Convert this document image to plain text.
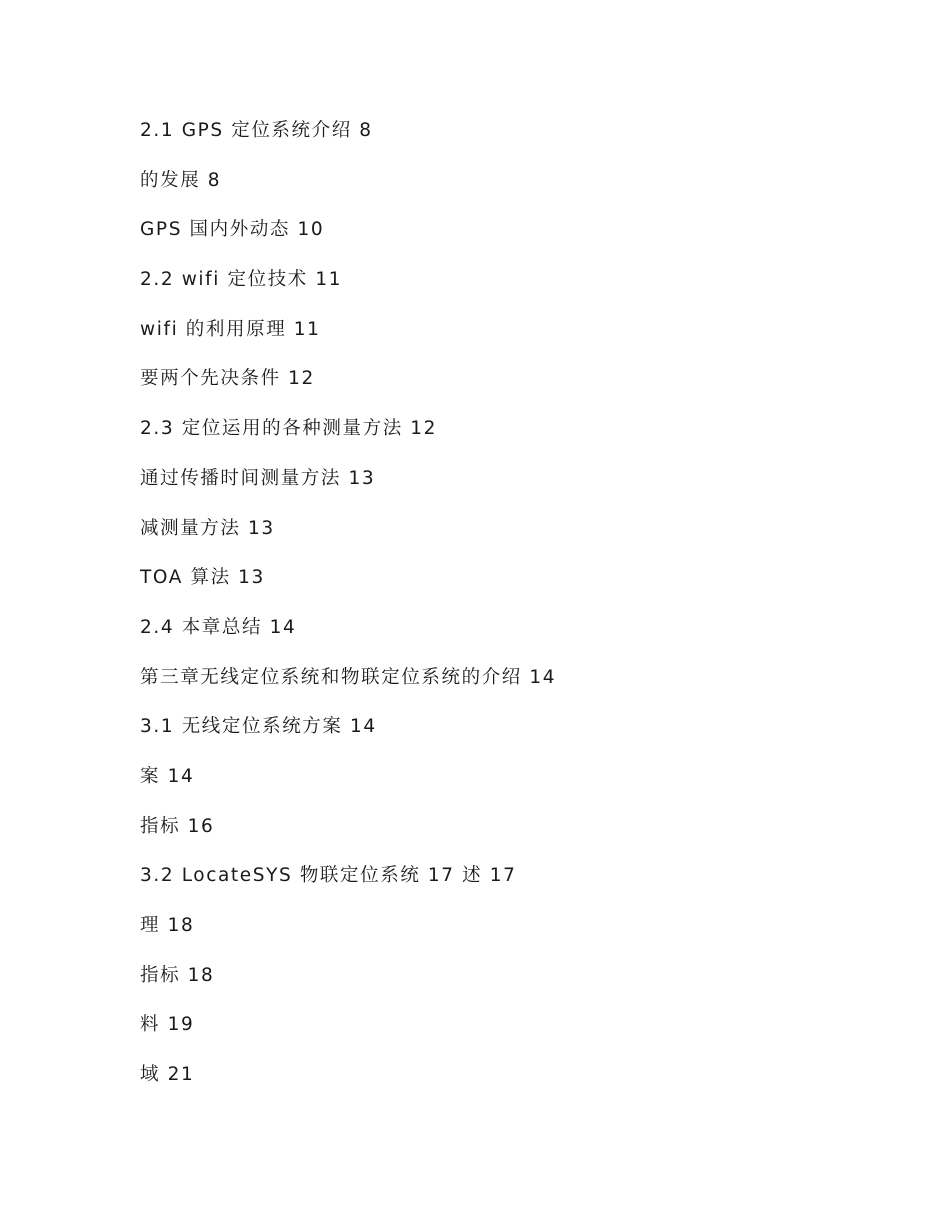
2.1 GPS 定位系统介绍 8
的发展 8
GPS 国内外动态 10
2.2 wifi 定位技术 11
wifi 的利用原理 11
要两个先决条件 12
2.3 定位运用的各种测量方法 12
通过传播时间测量方法 13
减测量方法 13
TOA 算法 13
2.4 本章总结 14
第三章无线定位系统和物联定位系统的介绍 14
3.1 无线定位系统方案 14
案 14
指标 16
3.2 LocateSYS 物联定位系统 17 述 17
理 18
指标 18
料 19
域 21
